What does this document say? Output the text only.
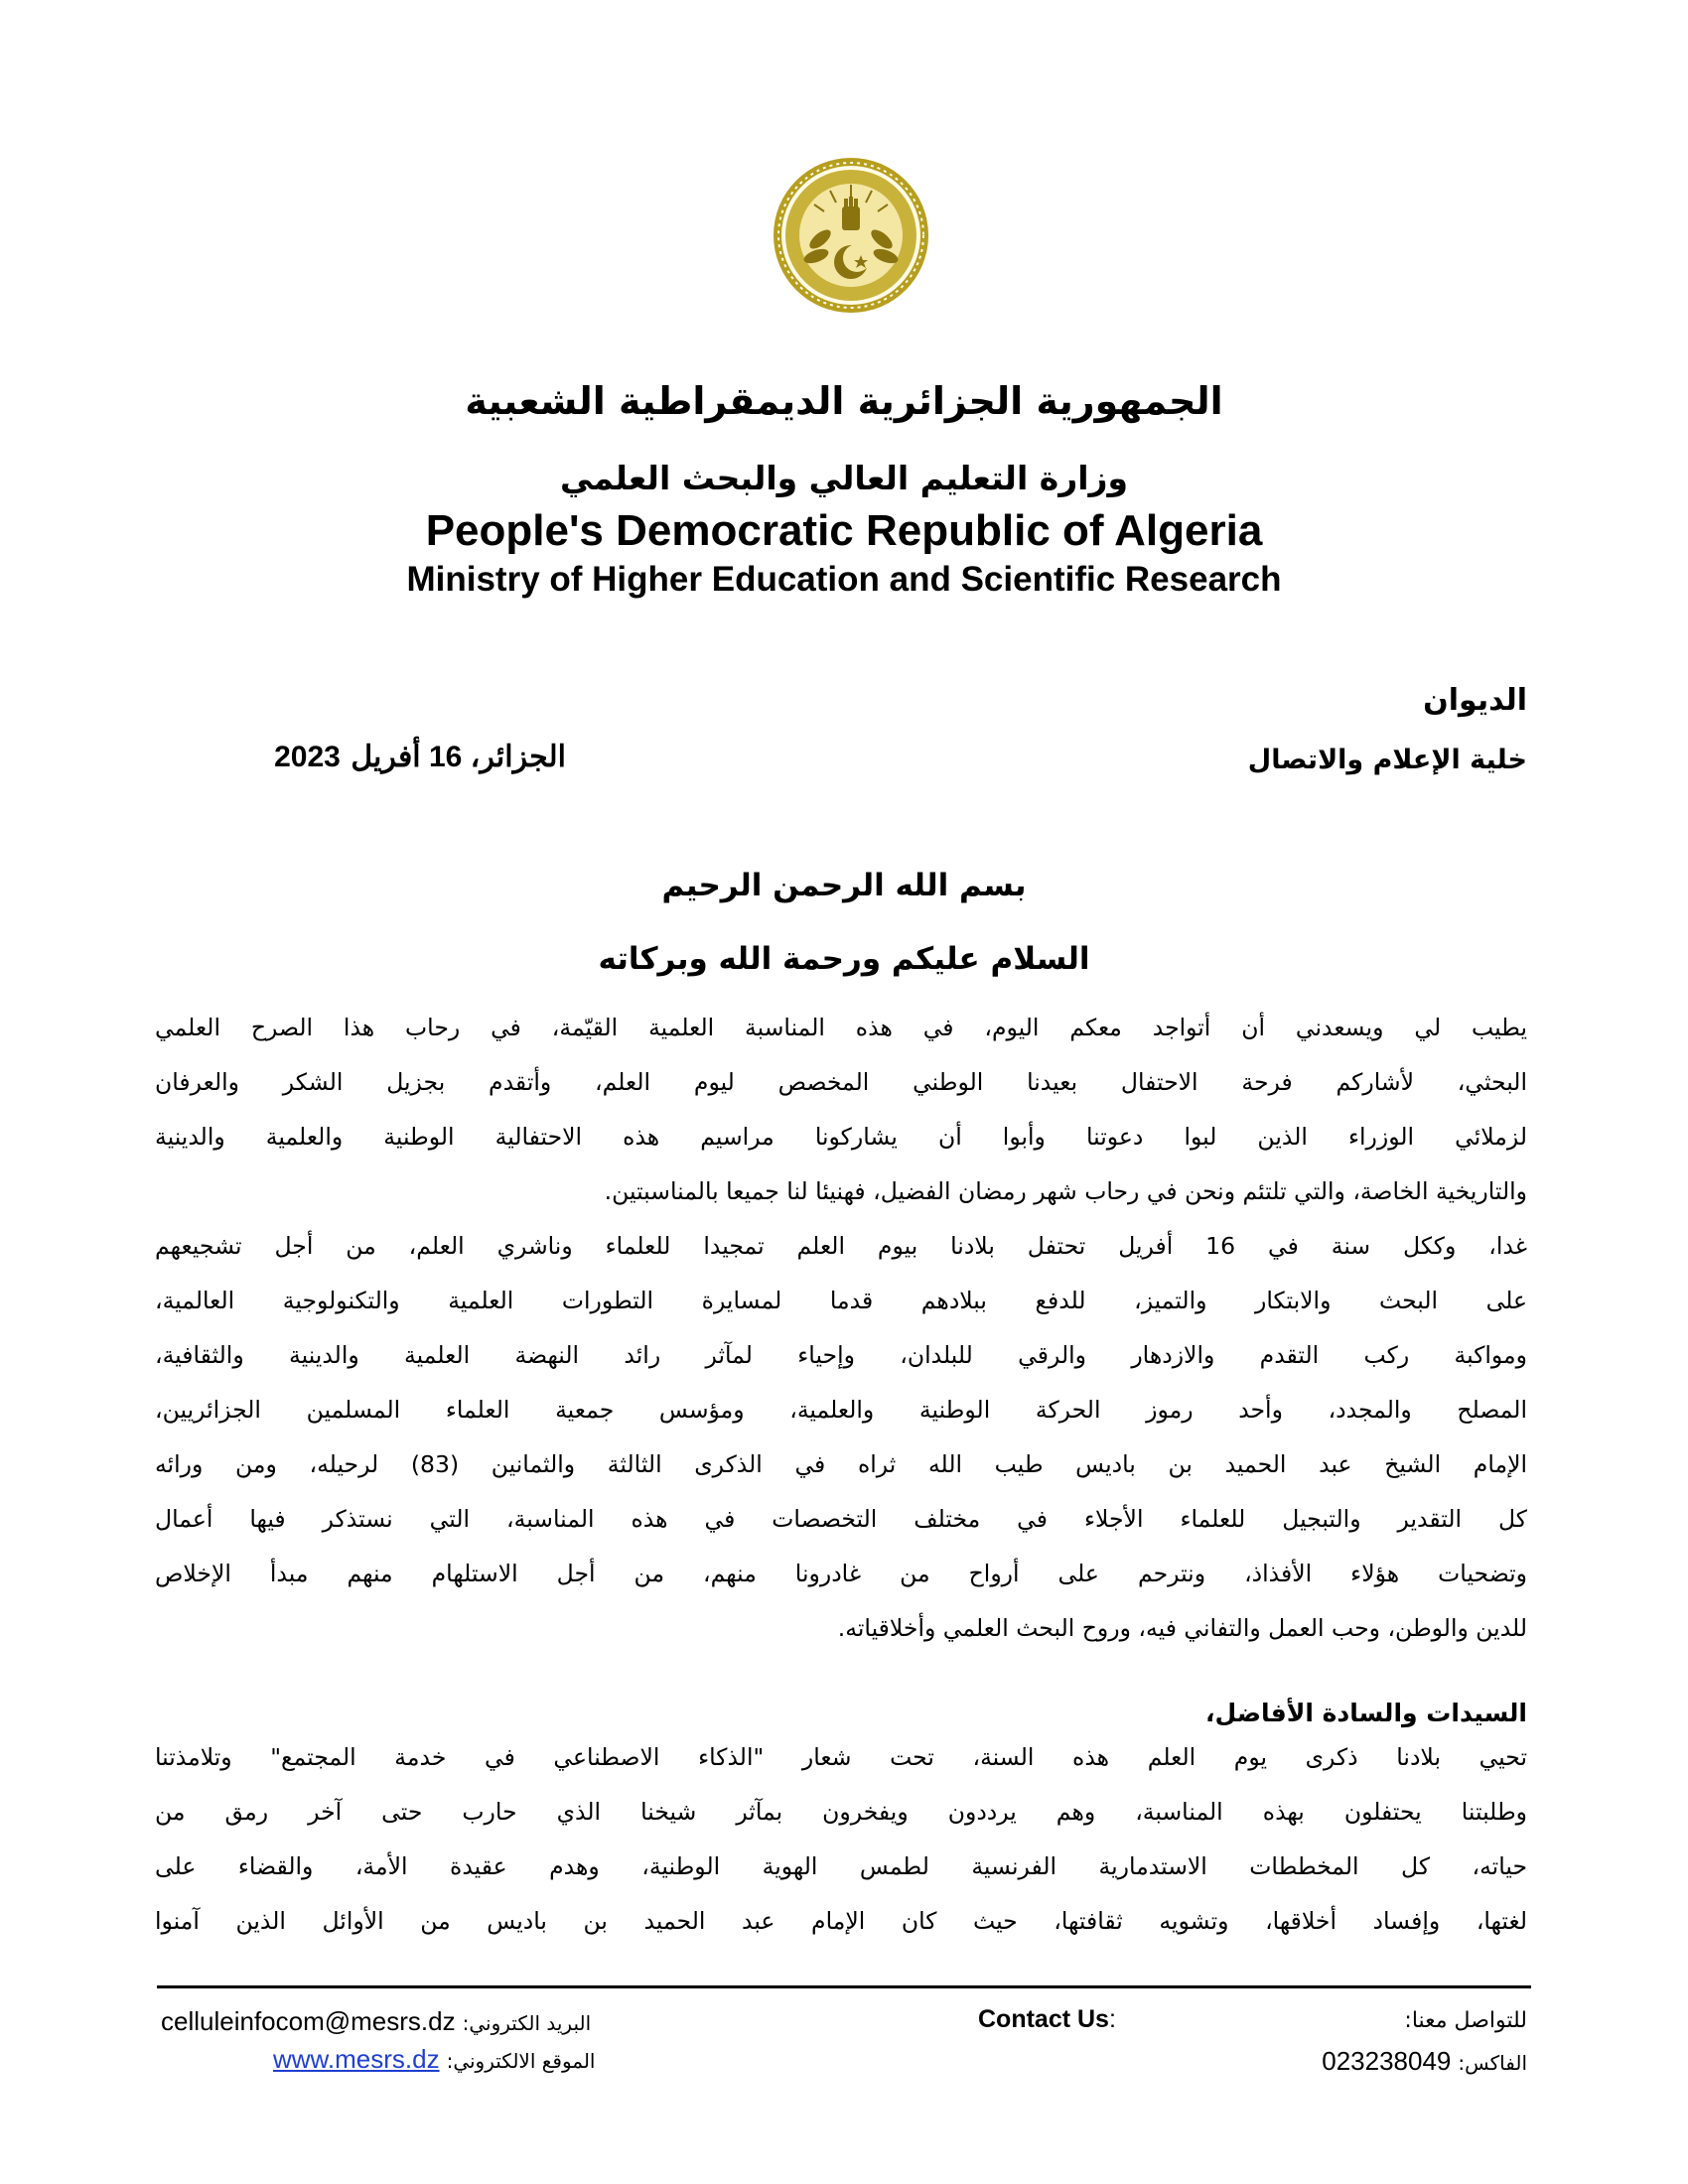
الجمهورية الجزائرية الديمقراطية الشعبية
وزارة التعليم العالي والبحث العلمي
People's Democratic Republic of Algeria
Ministry of Higher Education and Scientific Research
الديوان
خلية الإعلام والاتصال
الجزائر، 16 أفريل 2023
بسم الله الرحمن الرحيم
السلام عليكم ورحمة الله وبركاته
يطيب لي ويسعدني أن أتواجد معكم اليوم، في هذه المناسبة العلمية القيّمة، في رحاب هذا الصرح العلمي
البحثي، لأشاركم فرحة الاحتفال بعيدنا الوطني المخصص ليوم العلم، وأتقدم بجزيل الشكر والعرفان
لزملائي الوزراء الذين لبوا دعوتنا وأبوا أن يشاركونا مراسيم هذه الاحتفالية الوطنية والعلمية والدينية
والتاريخية الخاصة، والتي تلتئم ونحن في رحاب شهر رمضان الفضيل، فهنيئا لنا جميعا بالمناسبتين.
غدا، وككل سنة في 16 أفريل تحتفل بلادنا بيوم العلم تمجيدا للعلماء وناشري العلم، من أجل تشجيعهم
على البحث والابتكار والتميز، للدفع ببلادهم قدما لمسايرة التطورات العلمية والتكنولوجية العالمية،
ومواكبة ركب التقدم والازدهار والرقي للبلدان، وإحياء لمآثر رائد النهضة العلمية والدينية والثقافية،
المصلح والمجدد، وأحد رموز الحركة الوطنية والعلمية، ومؤسس جمعية العلماء المسلمين الجزائريين،
الإمام الشيخ عبد الحميد بن باديس طيب الله ثراه في الذكرى الثالثة والثمانين (83) لرحيله، ومن ورائه
كل التقدير والتبجيل للعلماء الأجلاء في مختلف التخصصات في هذه المناسبة، التي نستذكر فيها أعمال
وتضحيات هؤلاء الأفذاذ، ونترحم على أرواح من غادرونا منهم، من أجل الاستلهام منهم مبدأ الإخلاص
للدين والوطن، وحب العمل والتفاني فيه، وروح البحث العلمي وأخلاقياته.
السيدات والسادة الأفاضل،
تحيي بلادنا ذكرى يوم العلم هذه السنة، تحت شعار "الذكاء الاصطناعي في خدمة المجتمع" وتلامذتنا
وطلبتنا يحتفلون بهذه المناسبة، وهم يرددون ويفخرون بمآثر شيخنا الذي حارب حتى آخر رمق من
حياته، كل المخططات الاستدمارية الفرنسية لطمس الهوية الوطنية، وهدم عقيدة الأمة، والقضاء على
لغتها، وإفساد أخلاقها، وتشويه ثقافتها، حيث كان الإمام عبد الحميد بن باديس من الأوائل الذين آمنوا
للتواصل معنا:
الفاكس: 023238049
Contact Us:
celluleinfocom@mesrs.dz البريد الكتروني:
www.mesrs.dz الموقع الالكتروني:
